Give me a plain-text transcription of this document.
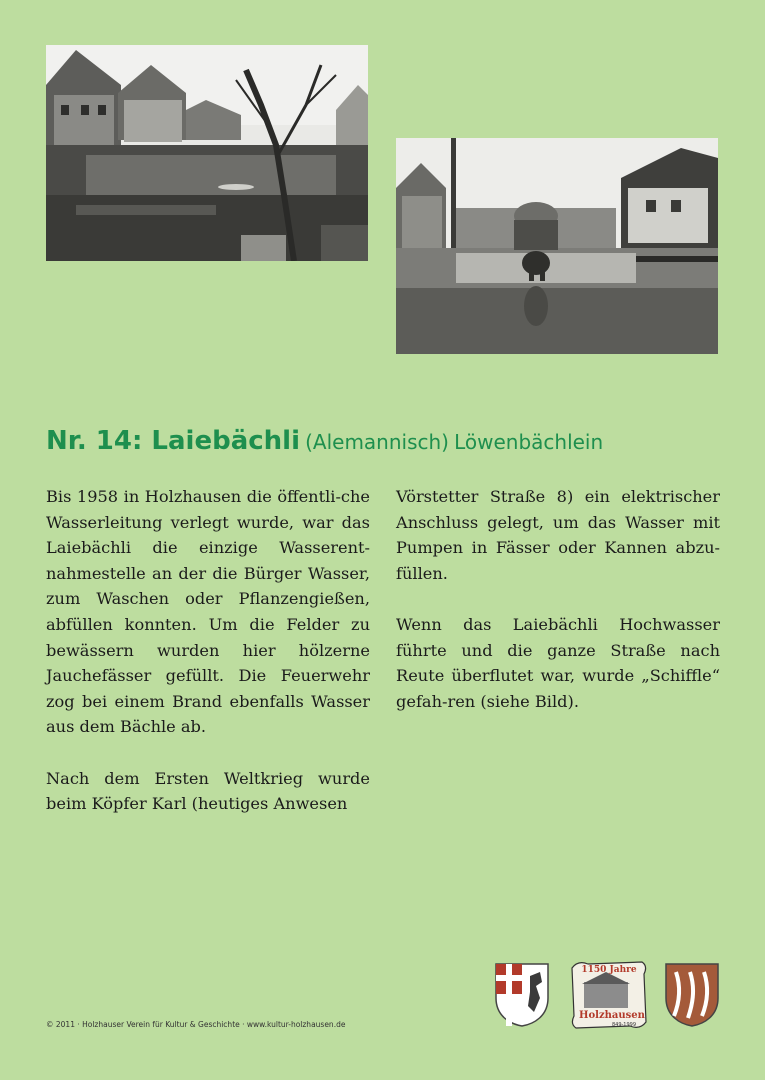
Nr. 14: Laiebächli (Alemannisch) Löwenbächlein

Bis 1958 in Holzhausen die öffentli-che Wasserleitung verlegt wurde, war das Laiebächli die einzige Wasserent-nahmestelle an der die Bürger Wasser, zum Waschen oder Pflanzengießen, abfüllen konnten. Um die Felder zu bewässern wurden hier hölzerne Jauchefässer gefüllt. Die Feuerwehr zog bei einem Brand ebenfalls Wasser aus dem Bächle ab.

Nach dem Ersten Weltkrieg wurde beim Köpfer Karl (heutiges Anwesen

Vörstetter Straße 8) ein elektrischer Anschluss gelegt, um das Wasser mit Pumpen in Fässer oder Kannen abzu-füllen.

Wenn das Laiebächli Hochwasser führte und die ganze Straße nach Reute überflutet war, wurde „Schiffle“ gefah-ren (siehe Bild).

© 2011 · Holzhauser Verein für Kultur & Geschichte · www.kultur-holzhausen.de
1150 Jahre
Holzhausen
849-1999
